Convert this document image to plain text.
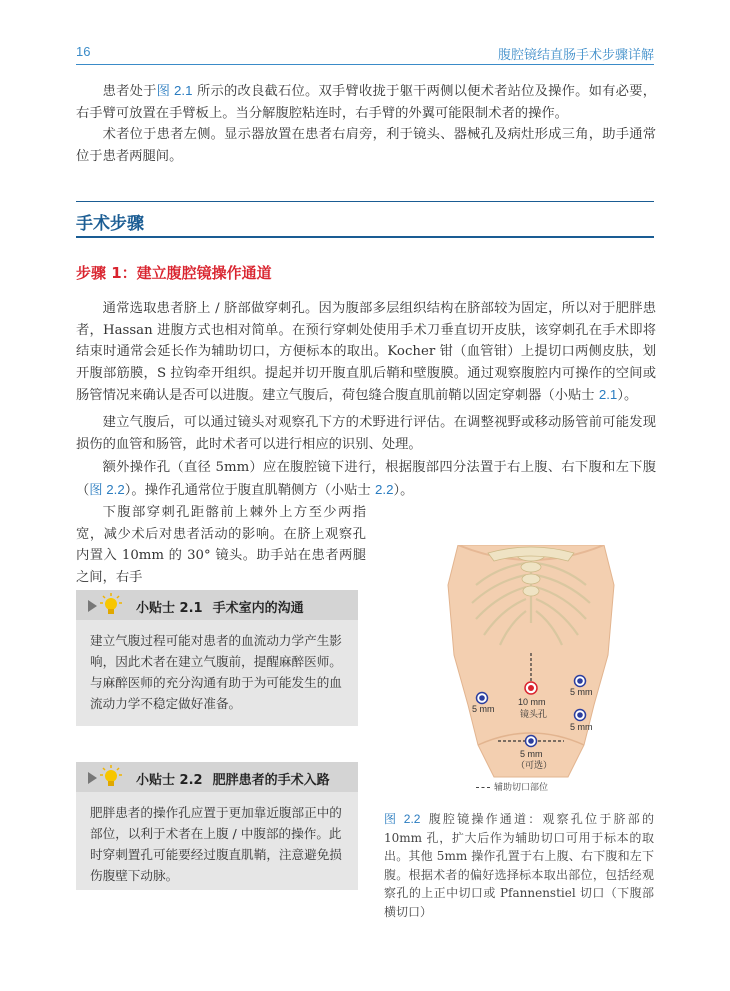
16	腹腔镜结直肠手术步骤详解

患者处于图 2.1 所示的改良截石位。双手臂收拢于躯干两侧以便术者站位及操作。如有必要，右手臂可放置在手臂板上。当分解腹腔粘连时，右手臂的外翼可能限制术者的操作。

术者位于患者左侧。显示器放置在患者右肩旁，利于镜头、器械孔及病灶形成三角，助手通常位于患者两腿间。

手术步骤
步骤 1：建立腹腔镜操作通道

通常选取患者脐上 / 脐部做穿刺孔。因为腹部多层组织结构在脐部较为固定，所以对于肥胖患者，Hassan 进腹方式也相对简单。在预行穿刺处使用手术刀垂直切开皮肤，该穿刺孔在手术即将结束时通常会延长作为辅助切口，方便标本的取出。Kocher 钳（血管钳）上提切口两侧皮肤，划开腹部筋膜，S 拉钩牵开组织。提起并切开腹直肌后鞘和壁腹膜。通过观察腹腔内可操作的空间或肠管情况来确认是否可以进腹。建立气腹后，荷包缝合腹直肌前鞘以固定穿刺器（小贴士 2.1）。

建立气腹后，可以通过镜头对观察孔下方的术野进行评估。在调整视野或移动肠管前可能发现损伤的血管和肠管，此时术者可以进行相应的识别、处理。

额外操作孔（直径 5mm）应在腹腔镜下进行，根据腹部四分法置于右上腹、右下腹和左下腹（图 2.2）。操作孔通常位于腹直肌鞘侧方（小贴士 2.2）。

下腹部穿刺孔距髂前上棘外上方至少两指宽，减少术后对患者活动的影响。在脐上观察孔内置入 10mm 的 30° 镜头。助手站在患者两腿之间，右手

小贴士 2.1 手术室内的沟通

建立气腹过程可能对患者的血流动力学产生影响，因此术者在建立气腹前，提醒麻醉医师。与麻醉医师的充分沟通有助于为可能发生的血流动力学不稳定做好准备。

小贴士 2.2 肥胖患者的手术入路

肥胖患者的操作孔应置于更加靠近腹部正中的部位，以利于术者在上腹 / 中腹部的操作。此时穿刺置孔可能要经过腹直肌鞘，注意避免损伤腹壁下动脉。

5 mm
5 mm
5 mm
10 mm
镜头孔
5 mm
（可选）
辅助切口部位

图 2.2 腹腔镜操作通道：观察孔位于脐部的 10mm 孔，扩大后作为辅助切口可用于标本的取出。其他 5mm 操作孔置于右上腹、右下腹和左下腹。根据术者的偏好选择标本取出部位，包括经观察孔的上正中切口或 Pfannenstiel 切口（下腹部横切口）
